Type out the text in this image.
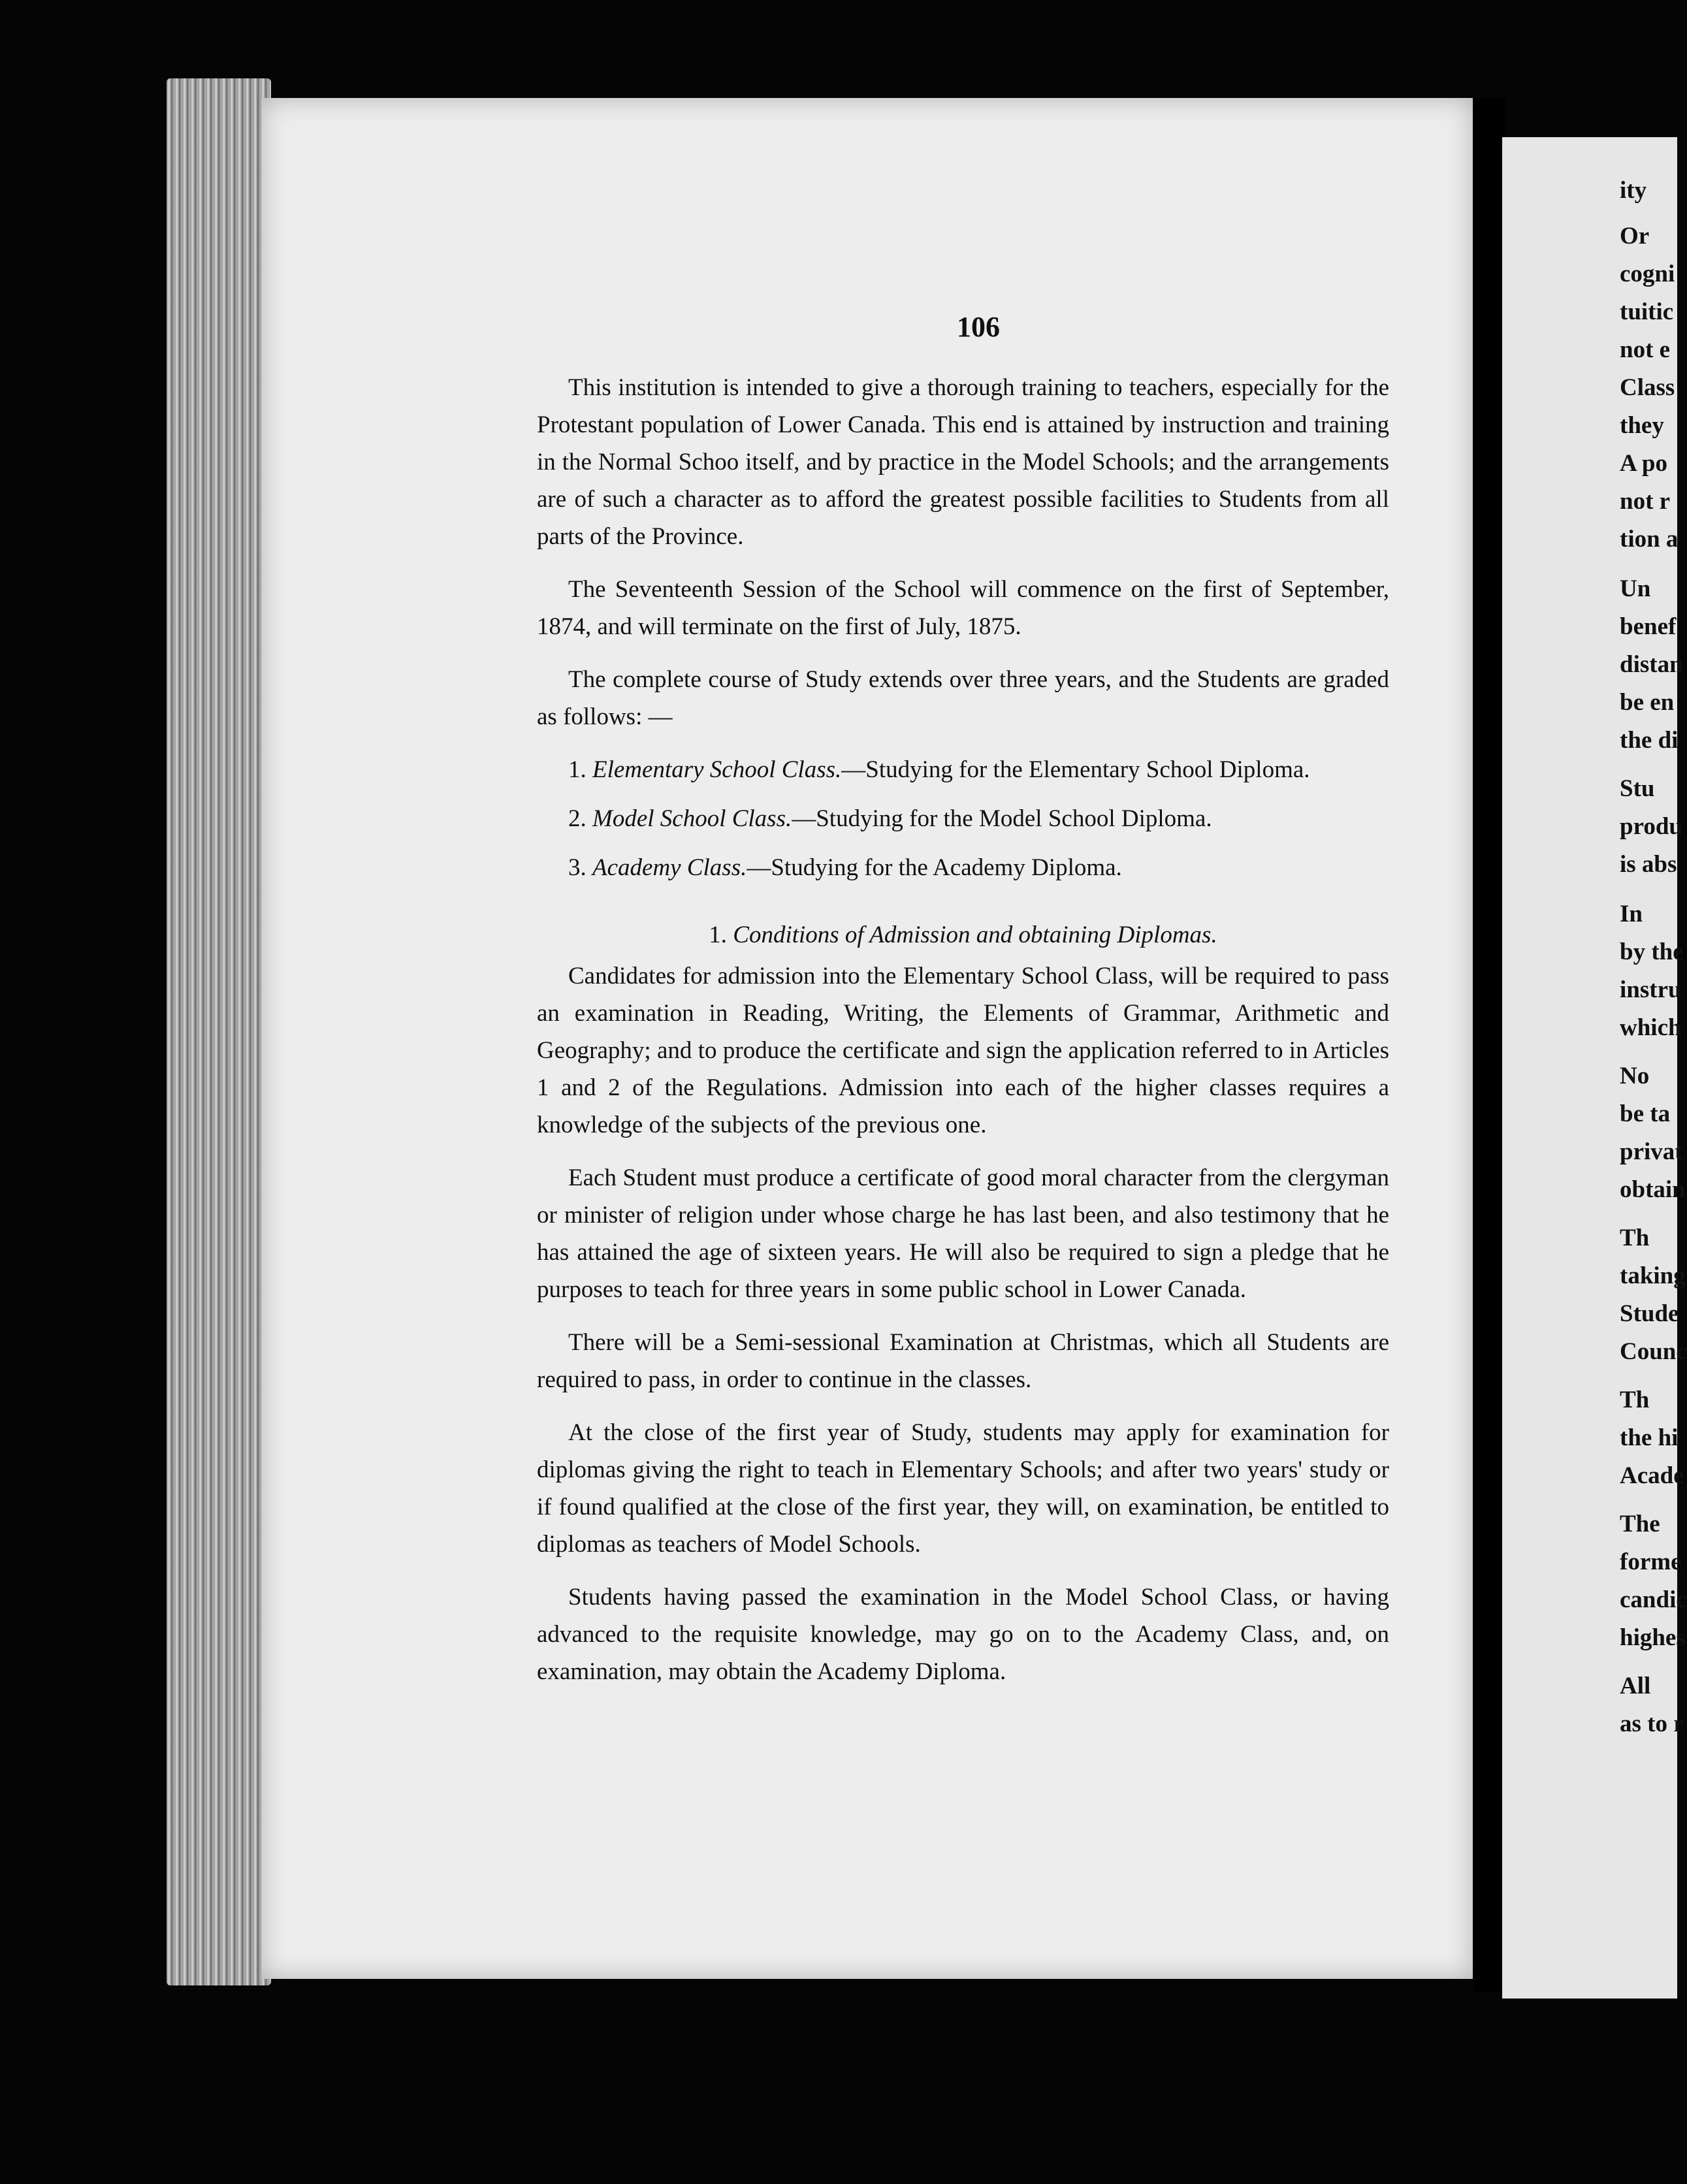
ity
Or
cogni
tuitic
not e
Class
they
A po
not r
tion a
Un
benef
distan
be en
the di
Stu
produ
is abs
In
by the
instru
which
No
be ta
privat
obtain
Th
taking
Stude
Counc
Th
the hi
Acade
The
forme
candic
highes
All
as to r
106

This institution is intended to give a thorough training to teachers, especially for the Protestant population of Lower Canada. This end is attained by instruction and training in the Normal Schoo itself, and by practice in the Model Schools; and the arrangements are of such a character as to afford the greatest possible facilities to Students from all parts of the Province.

The Seventeenth Session of the School will commence on the first of September, 1874, and will terminate on the first of July, 1875.

The complete course of Study extends over three years, and the Students are graded as follows: —

1. Elementary School Class.—Studying for the Elementary School Diploma.

2. Model School Class.—Studying for the Model School Diploma.

3. Academy Class.—Studying for the Academy Diploma.

1. Conditions of Admission and obtaining Diplomas.

Candidates for admission into the Elementary School Class, will be required to pass an examination in Reading, Writing, the Elements of Grammar, Arithmetic and Geography; and to produce the certificate and sign the application referred to in Articles 1 and 2 of the Regulations. Admission into each of the higher classes requires a knowledge of the subjects of the previous one.

Each Student must produce a certificate of good moral character from the clergyman or minister of religion under whose charge he has last been, and also testimony that he has attained the age of sixteen years. He will also be required to sign a pledge that he purposes to teach for three years in some public school in Lower Canada.

There will be a Semi-sessional Examination at Christmas, which all Students are required to pass, in order to continue in the classes.

At the close of the first year of Study, students may apply for examination for diplomas giving the right to teach in Elementary Schools; and after two years' study or if found qualified at the close of the first year, they will, on examination, be entitled to diplomas as teachers of Model Schools.

Students having passed the examination in the Model School Class, or having advanced to the requisite knowledge, may go on to the Academy Class, and, on examination, may obtain the Academy Diploma.
